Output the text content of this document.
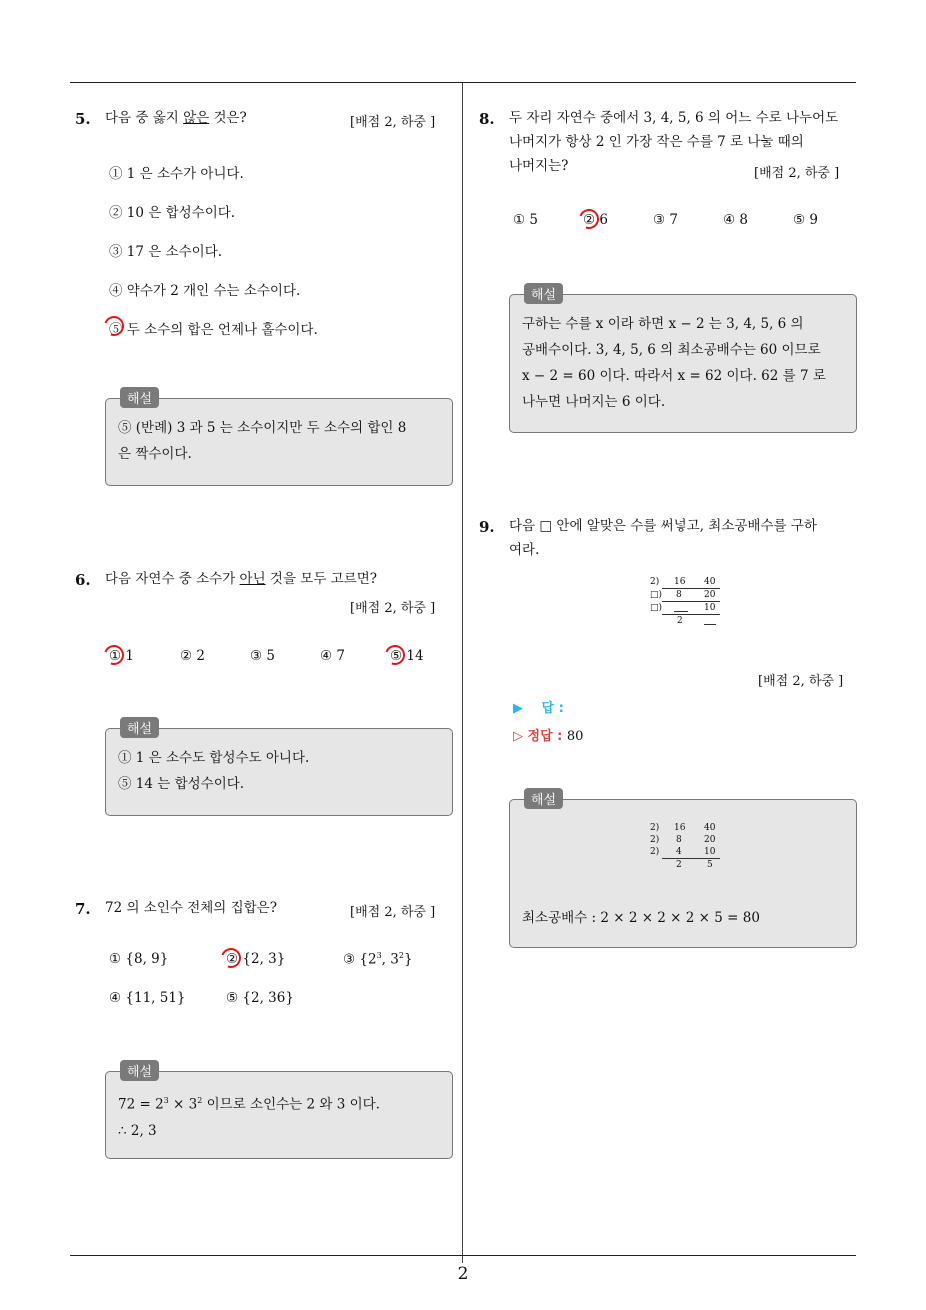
2
5. 다음 중 옳지 않은 것은?	[배점 2, 하중 ]
① 1 은 소수가 아니다.
② 10 은 합성수이다.
③ 17 은 소수이다.
④ 약수가 2 개인 수는 소수이다.
⑤ 두 소수의 합은 언제나 홀수이다.
해설
⑤ (반례) 3 과 5 는 소수이지만 두 소수의 합인 8
은 짝수이다.
6. 다음 자연수 중 소수가 아닌 것을 모두 고르면?
[배점 2, 하중 ]
① 1	② 2	③ 5	④ 7	⑤ 14
해설
① 1 은 소수도 합성수도 아니다.
⑤ 14 는 합성수이다.
7. 72 의 소인수 전체의 집합은?	[배점 2, 하중 ]
① {8, 9}	② {2, 3}	③ {$2^3$, $3^2$}
④ {11, 51}	⑤ {2, 36}
해설
$72 = 2^3 \times 3^2$ 이므로 소인수는 2 와 3 이다.
∴ 2, 3
8. 두 자리 자연수 중에서 3, 4, 5, 6 의 어느 수로 나누어도
나머지가 항상 2 인 가장 작은 수를 7 로 나눌 때의
나머지는?	[배점 2, 하중 ]
① 5	② 6	③ 7	④ 8	⑤ 9
해설
구하는 수를 x 이라 하면 x − 2 는 3, 4, 5, 6 의
공배수이다. 3, 4, 5, 6 의 최소공배수는 60 이므로
x − 2 = 60 이다. 따라서 x = 62 이다. 62 를 7 로
나누면 나머지는 6 이다.
9. 다음 □ 안에 알맞은 수를 써넣고, 최소공배수를 구하
여라.
2) 16 40
□) 8 20
□)	10
2
[배점 2, 하중 ]
▶ 답 :
▷ 정답 : 80
해설
2) 16 40
2) 8 20
2) 4 10
2	5
최소공배수 : 2 × 2 × 2 × 2 × 5 = 80
